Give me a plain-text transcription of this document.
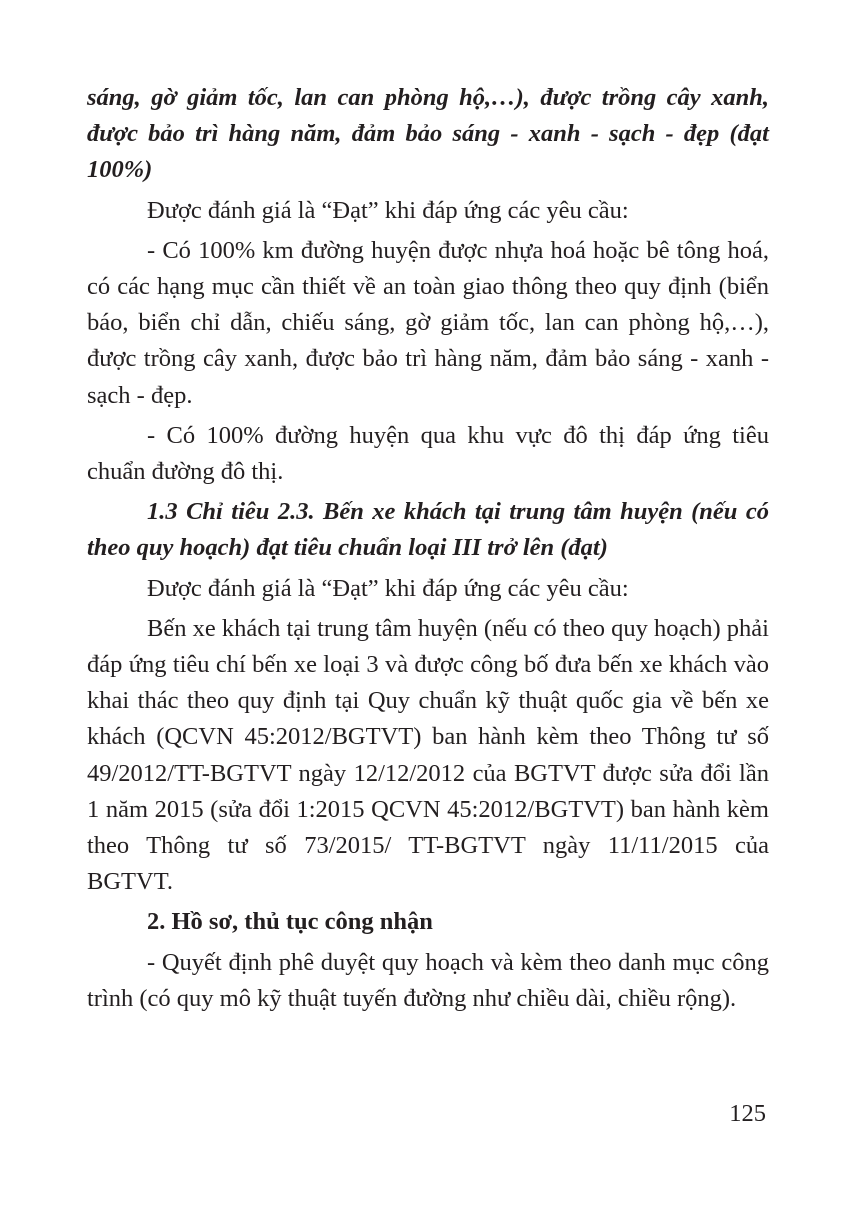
sáng, gờ giảm tốc, lan can phòng hộ,…), được trồng cây xanh, được bảo trì hàng năm, đảm bảo sáng - xanh - sạch - đẹp (đạt 100%)

Được đánh giá là “Đạt” khi đáp ứng các yêu cầu:

- Có 100% km đường huyện được nhựa hoá hoặc bê tông hoá, có các hạng mục cần thiết về an toàn giao thông theo quy định (biển báo, biển chỉ dẫn, chiếu sáng, gờ giảm tốc, lan can phòng hộ,…), được trồng cây xanh, được bảo trì hàng năm, đảm bảo sáng - xanh - sạch - đẹp.

- Có 100% đường huyện qua khu vực đô thị đáp ứng tiêu chuẩn đường đô thị.

1.3 Chỉ tiêu 2.3. Bến xe khách tại trung tâm huyện (nếu có theo quy hoạch) đạt tiêu chuẩn loại III trở lên (đạt)

Được đánh giá là “Đạt” khi đáp ứng các yêu cầu:

Bến xe khách tại trung tâm huyện (nếu có theo quy hoạch) phải đáp ứng tiêu chí bến xe loại 3 và được công bố đưa bến xe khách vào khai thác theo quy định tại Quy chuẩn kỹ thuật quốc gia về bến xe khách (QCVN 45:2012/BGTVT) ban hành kèm theo Thông tư số 49/2012/TT-BGTVT ngày 12/12/2012 của BGTVT được sửa đổi lần 1 năm 2015 (sửa đổi 1:2015 QCVN 45:2012/BGTVT) ban hành kèm theo Thông tư số 73/2015/ TT-BGTVT ngày 11/11/2015 của BGTVT.

2. Hồ sơ, thủ tục công nhận

- Quyết định phê duyệt quy hoạch và kèm theo danh mục công trình (có quy mô kỹ thuật tuyến đường như chiều dài, chiều rộng).

125
